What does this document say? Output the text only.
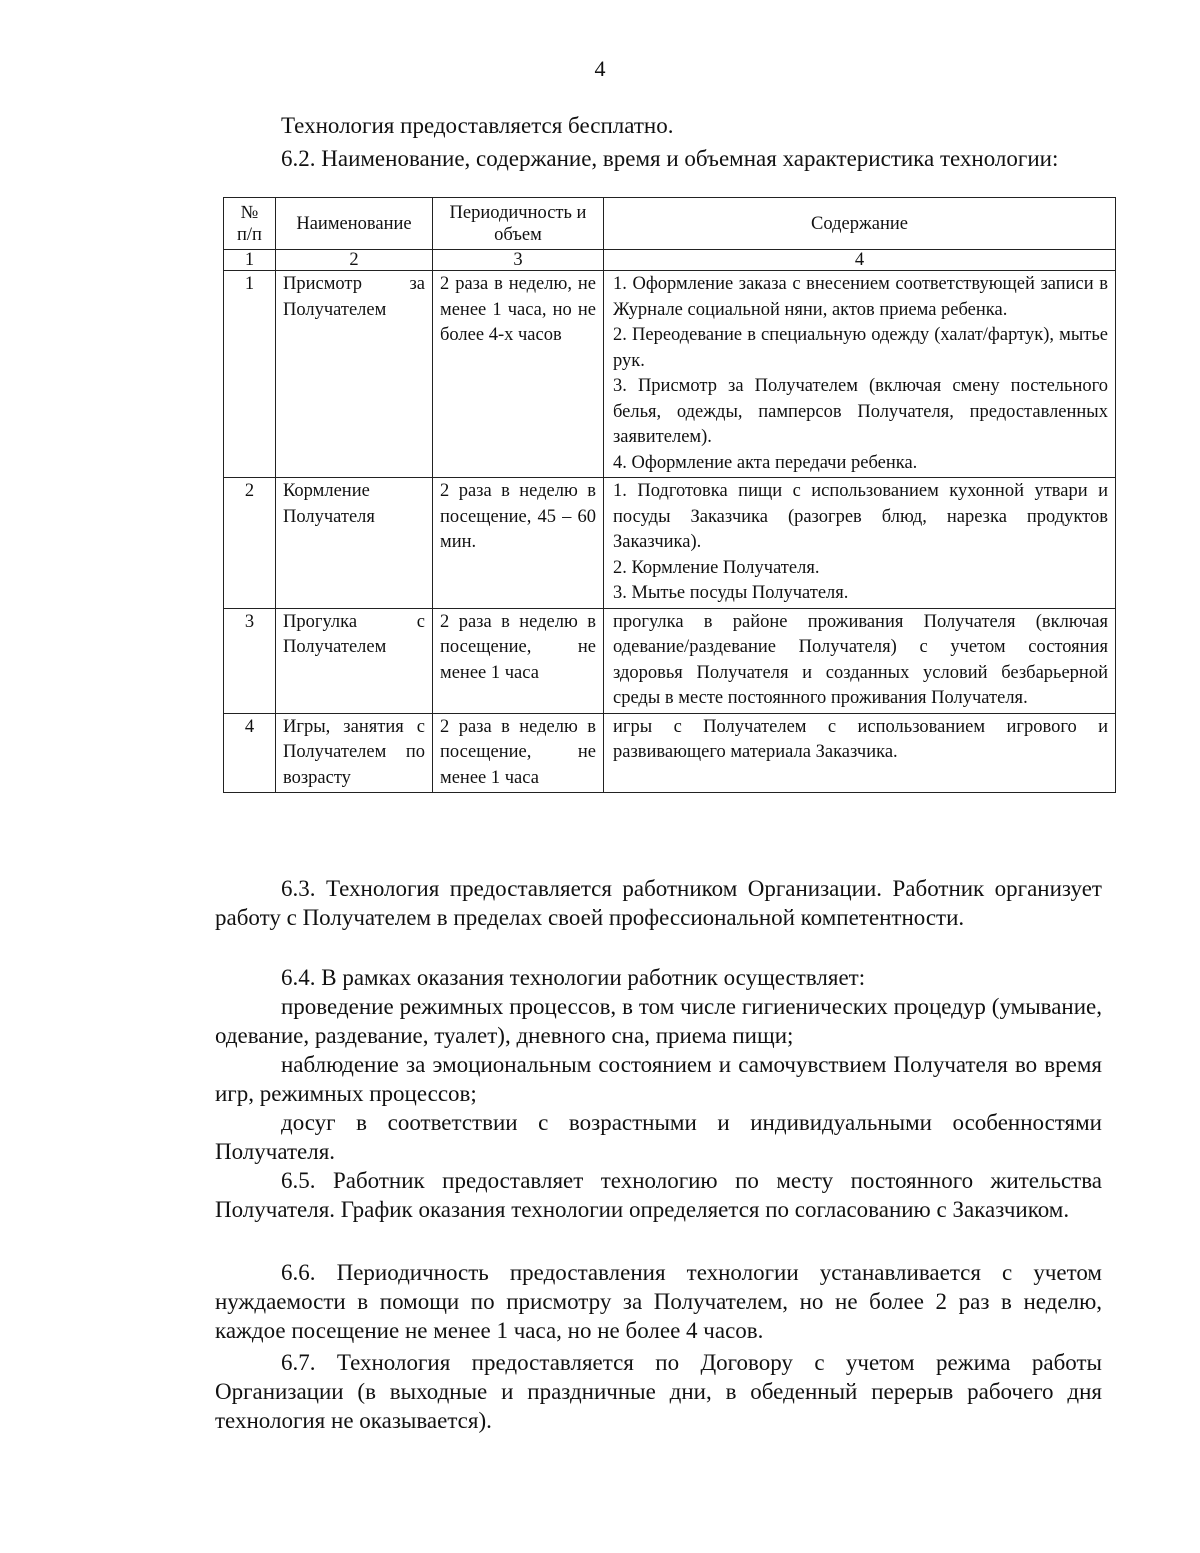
4

Технология предоставляется бесплатно.

6.2. Наименование, содержание, время и объемная характеристика технологии:

№ п/п	Наименование	Периодичность и объем	Содержание
1	2	3	4
1	Присмотр за Получателем	2 раза в неделю, не менее 1 часа, но не более 4-х часов	1. Оформление заказа с внесением соответствующей записи в Журнале социальной няни, актов приема ребенка.
2. Переодевание в специальную одежду (халат/фартук), мытье рук.
3. Присмотр за Получателем (включая смену постельного белья, одежды, памперсов Получателя, предоставленных заявителем).
4. Оформление акта передачи ребенка.

2	Кормление Получателя	2 раза в неделю в посещение, 45 – 60 мин.	1. Подготовка пищи с использованием кухонной утвари и посуды Заказчика (разогрев блюд, нарезка продуктов Заказчика).
2. Кормление Получателя.
3. Мытье посуды Получателя.

3	Прогулка с Получателем	2 раза в неделю в посещение, не менее 1 часа	прогулка в районе проживания Получателя (включая одевание/раздевание Получателя) с учетом состояния здоровья Получателя и созданных условий безбарьерной среды в месте постоянного проживания Получателя.

4	Игры, занятия с Получателем по возрасту	2 раза в неделю в посещение, не менее 1 часа	игры с Получателем с использованием игрового и развивающего материала Заказчика.

6.3. Технология предоставляется работником Организации. Работник организует работу с Получателем в пределах своей профессиональной компетентности.

6.4. В рамках оказания технологии работник осуществляет:

проведение режимных процессов, в том числе гигиенических процедур (умывание, одевание, раздевание, туалет), дневного сна, приема пищи;

наблюдение за эмоциональным состоянием и самочувствием Получателя во время игр, режимных процессов;

досуг в соответствии с возрастными и индивидуальными особенностями Получателя.

6.5. Работник предоставляет технологию по месту постоянного жительства Получателя. График оказания технологии определяется по согласованию с Заказчиком.

6.6. Периодичность предоставления технологии устанавливается с учетом нуждаемости в помощи по присмотру за Получателем, но не более 2 раз в неделю, каждое посещение не менее 1 часа, но не более 4 часов.

6.7. Технология предоставляется по Договору с учетом режима работы Организации (в выходные и праздничные дни, в обеденный перерыв рабочего дня технология не оказывается).
